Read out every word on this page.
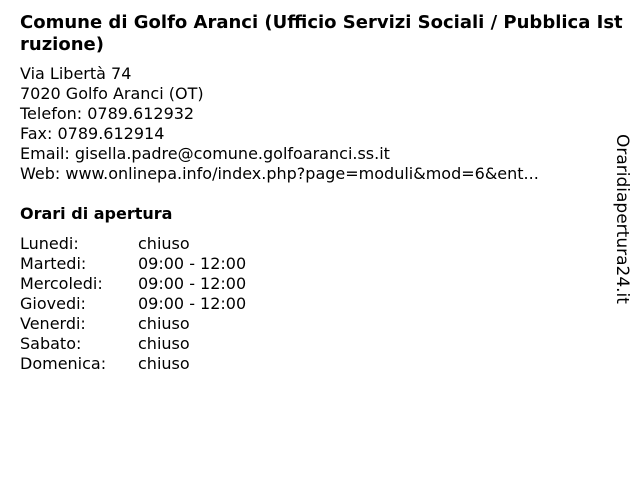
Comune di Golfo Aranci (Ufficio Servizi Sociali / Pubblica Istruzione)
Via Libertà 74
7020 Golfo Aranci (OT)
Telefon: 0789.612932
Fax: 0789.612914
Email: gisella.padre@comune.golfoaranci.ss.it
Web: www.onlinepa.info/index.php?page=moduli&mod=6&ent...
Orari di apertura
Lunedi:	chiuso
Martedi:	09:00 - 12:00
Mercoledi:	09:00 - 12:00
Giovedi:	09:00 - 12:00
Venerdi:	chiuso
Sabato:	chiuso
Domenica:	chiuso
Oraridiapertura24.it
